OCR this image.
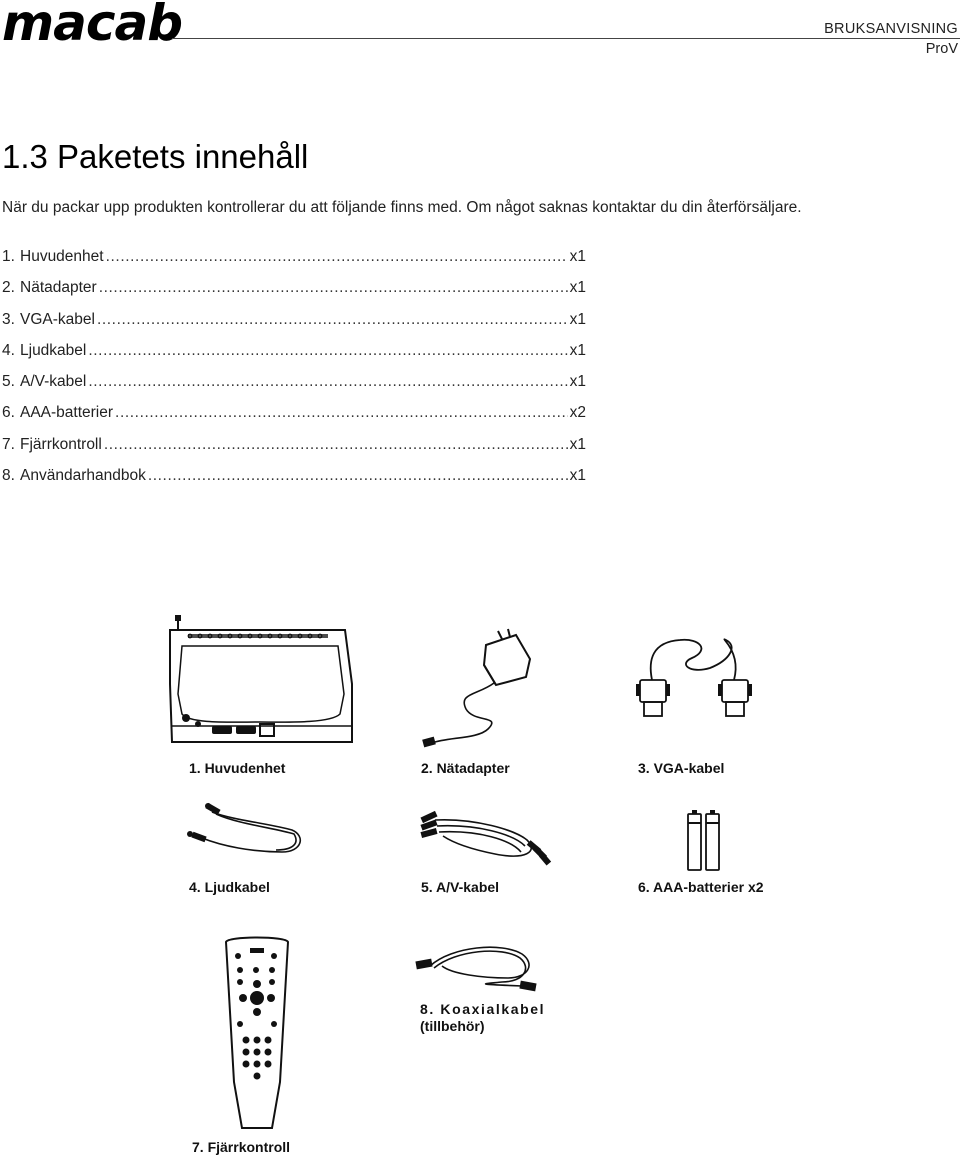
macab	BRUKSANVISNING
ProV
1.3 Paketets innehåll
När du packar upp produkten kontrollerar du att följande finns med. Om något saknas kontaktar du din återförsäljare.
1. Huvudenhet .....	x1
2. Nätadapter .....	x1
3. VGA-kabel .....	x1
4. Ljudkabel .....	x1
5. A/V-kabel .....	x1
6. AAA-batterier .....	x2
7. Fjärrkontroll .....	x1
8. Användarhandbok .....	x1
1. Huvudenhet	2. Nätadapter	3. VGA-kabel
4. Ljudkabel	5. A/V-kabel	6. AAA-batterier x2
7. Fjärrkontroll
8. Koaxialkabel
(tillbehör)
